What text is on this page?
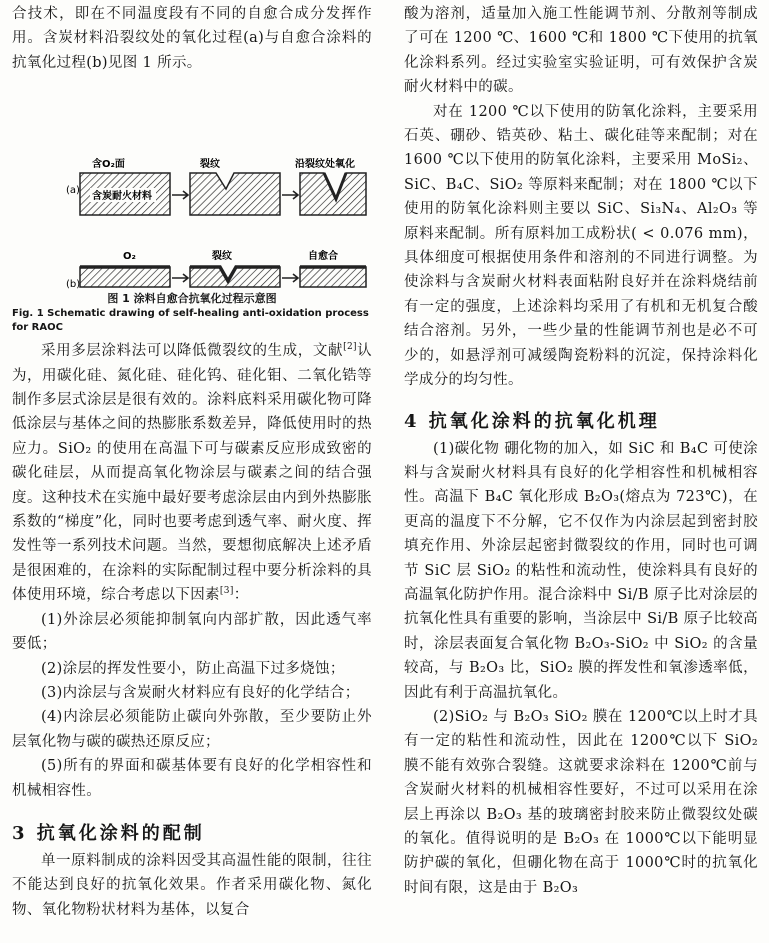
合技术，即在不同温度段有不同的自愈合成分发挥作用。含炭材料沿裂纹处的氧化过程(a)与自愈合涂料的抗氧化过程(b)见图 1 所示。

(a)
含O₂面	裂纹	沿裂纹处氧化
含炭耐火材料
(b)
O₂	裂纹	自愈合

图 1 涂料自愈合抗氧化过程示意图

Fig. 1 Schematic drawing of self-healing anti-oxidation process for RAOC

采用多层涂料法可以降低微裂纹的生成，文献[2]认为，用碳化硅、氮化硅、硅化钨、硅化钼、二氧化锆等制作多层式涂层是很有效的。涂料底料采用碳化物可降低涂层与基体之间的热膨胀系数差异，降低使用时的热应力。SiO₂ 的使用在高温下可与碳素反应形成致密的碳化硅层，从而提高氧化物涂层与碳素之间的结合强度。这种技术在实施中最好要考虑涂层由内到外热膨胀系数的“梯度”化，同时也要考虑到透气率、耐火度、挥发性等一系列技术问题。当然，要想彻底解决上述矛盾是很困难的，在涂料的实际配制过程中要分析涂料的具体使用环境，综合考虑以下因素[3]：

(1)外涂层必须能抑制氧向内部扩散，因此透气率要低；

(2)涂层的挥发性要小，防止高温下过多烧蚀；

(3)内涂层与含炭耐火材料应有良好的化学结合；

(4)内涂层必须能防止碳向外弥散，至少要防止外层氧化物与碳的碳热还原反应；

(5)所有的界面和碳基体要有良好的化学相容性和机械相容性。

3 抗氧化涂料的配制

单一原料制成的涂料因受其高温性能的限制，往往不能达到良好的抗氧化效果。作者采用碳化物、氮化物、氧化物粉状材料为基体，以复合

酸为溶剂，适量加入施工性能调节剂、分散剂等制成了可在 1200 ℃、1600 ℃和 1800 ℃下使用的抗氧化涂料系列。经过实验室实验证明，可有效保护含炭耐火材料中的碳。

对在 1200 ℃以下使用的防氧化涂料，主要采用石英、硼砂、锆英砂、粘土、碳化硅等来配制；对在 1600 ℃以下使用的防氧化涂料，主要采用 MoSi₂、SiC、B₄C、SiO₂ 等原料来配制；对在 1800 ℃以下使用的防氧化涂料则主要以 SiC、Si₃N₄、Al₂O₃ 等原料来配制。所有原料加工成粉状( < 0.076 mm)，具体细度可根据使用条件和溶剂的不同进行调整。为使涂料与含炭耐火材料表面粘附良好并在涂料烧结前有一定的强度，上述涂料均采用了有机和无机复合酸结合溶剂。另外，一些少量的性能调节剂也是必不可少的，如悬浮剂可减缓陶瓷粉料的沉淀，保持涂料化学成分的均匀性。

4 抗氧化涂料的抗氧化机理

(1)碳化物 硼化物的加入，如 SiC 和 B₄C 可使涂料与含炭耐火材料具有良好的化学相容性和机械相容性。高温下 B₄C 氧化形成 B₂O₃(熔点为 723℃)，在更高的温度下不分解，它不仅作为内涂层起到密封胶填充作用、外涂层起密封微裂纹的作用，同时也可调节 SiC 层 SiO₂ 的粘性和流动性，使涂料具有良好的高温氧化防护作用。混合涂料中 Si/B 原子比对涂层的抗氧化性具有重要的影响，当涂层中 Si/B 原子比较高时，涂层表面复合氧化物 B₂O₃-SiO₂ 中 SiO₂ 的含量较高，与 B₂O₃ 比，SiO₂ 膜的挥发性和氧渗透率低，因此有利于高温抗氧化。

(2)SiO₂ 与 B₂O₃ SiO₂ 膜在 1200℃以上时才具有一定的粘性和流动性，因此在 1200℃以下 SiO₂ 膜不能有效弥合裂缝。这就要求涂料在 1200℃前与含炭耐火材料的机械相容性要好，不过可以采用在涂层上再涂以 B₂O₃ 基的玻璃密封胶来防止微裂纹处碳的氧化。值得说明的是 B₂O₃ 在 1000℃以下能明显防护碳的氧化，但硼化物在高于 1000℃时的抗氧化时间有限，这是由于 B₂O₃
